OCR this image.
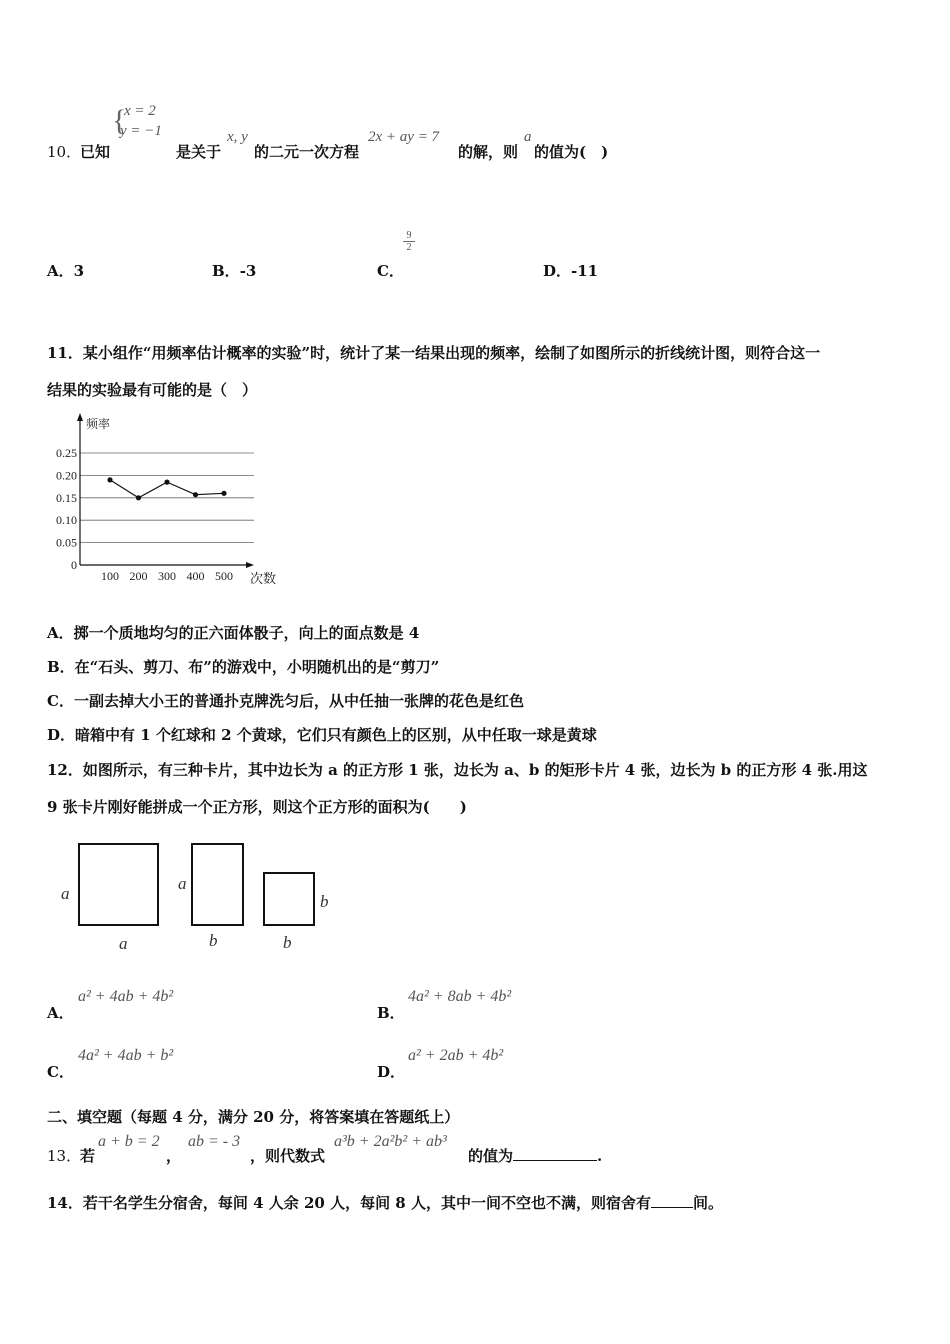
{
x = 2
y = −1
10．
已知	是关于
x, y
的二元一次方程
2x + ay = 7
的解，则
a
的值为(　)
A．3	B．-3	C．
$\frac{9}{2}$
D．-11
11．某小组作“用频率估计概率的实验”时，统计了某一结果出现的频率，绘制了如图所示的折线统计图，则符合这一
结果的实验最有可能的是（　）
频率
次数
0
0.05
0.10
0.15
0.20
0.25
100 200 300 400 500
A．掷一个质地均匀的正六面体骰子，向上的面点数是 4
B．在“石头、剪刀、布”的游戏中，小明随机出的是“剪刀”
C．一副去掉大小王的普通扑克牌洗匀后，从中任抽一张牌的花色是红色
D．暗箱中有 1 个红球和 2 个黄球，它们只有颜色上的区别，从中任取一球是黄球
12．如图所示，有三种卡片，其中边长为 a 的正方形 1 张，边长为 a、b 的矩形卡片 4 张，边长为 b 的正方形 4 张.用这
9 张卡片刚好能拼成一个正方形，则这个正方形的面积为(　　)
a
a
a
b	b
b
A．
a² + 4ab + 4b²
B．
4a² + 8ab + 4b²
C．
4a² + 4ab + b²
D．
a² + 2ab + 4b²
二、填空题（每题 4 分，满分 20 分，将答案填在答题纸上）
13．
若
a + b = 2
，
ab = - 3
，则代数式
a³b + 2a²b² + ab³
的值为	.
14．若干名学生分宿舍，每间 4 人余 20 人，每间 8 人，其中一间不空也不满，则宿舍有	间。
